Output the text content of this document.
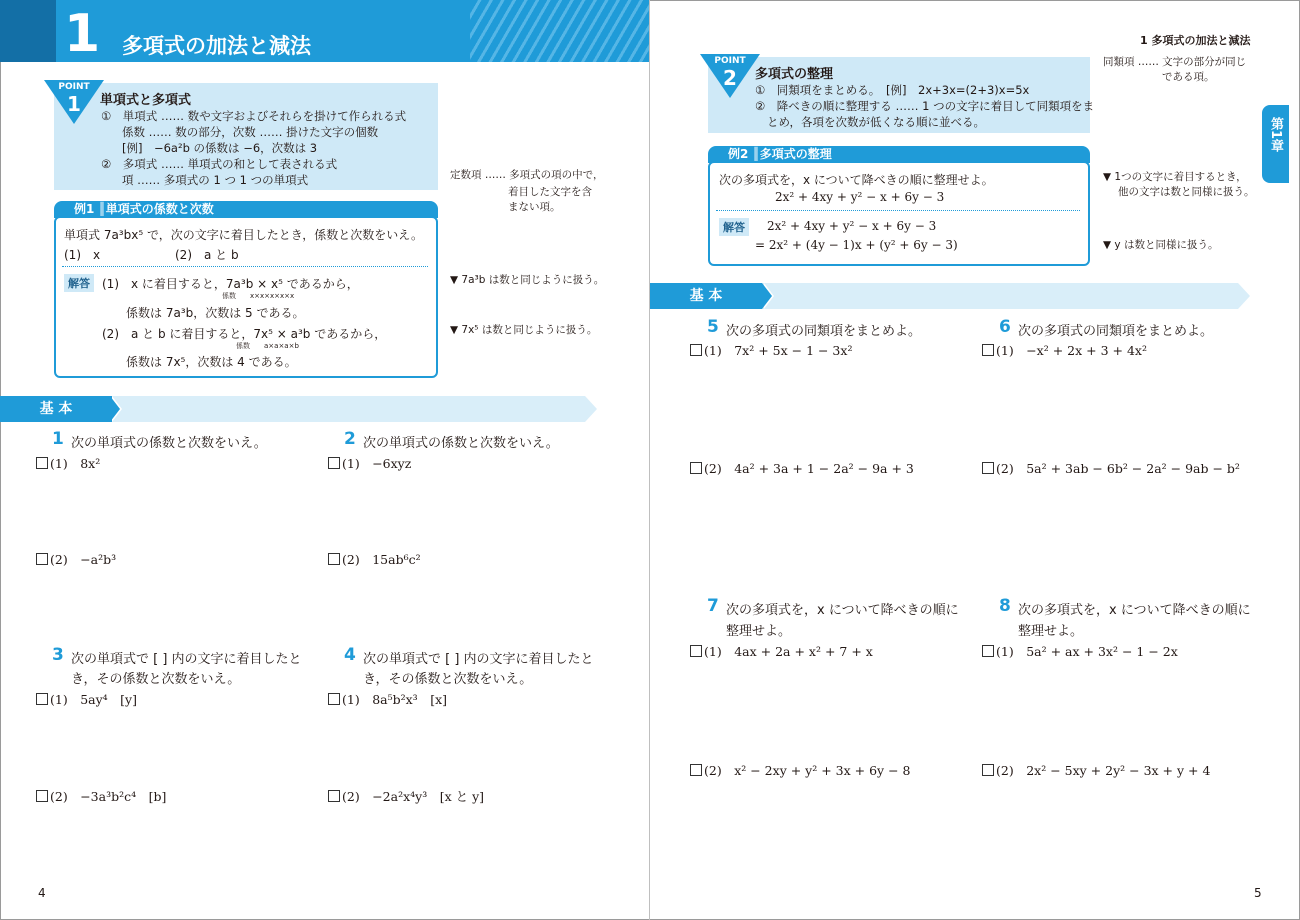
1 多項式の加法と減法
POINT
1	単項式と多項式
①　単項式 …… 数や文字およびそれらを掛けて作られる式
係数 …… 数の部分，次数 …… 掛けた文字の個数
[例]　−6a²b の係数は −6，次数は 3
②　多項式 …… 単項式の和として表される式
項 …… 多項式の 1 つ 1 つの単項式	定数項 …… 多項式の項の中で，
着目した文字を含
まない項。
例1 ║単項式の係数と次数
単項式 7a³bx⁵ で，次の文字に着目したとき，係数と次数をいえ。
(1)　x	(2)　a と b
解答	(1)　x に着目すると，7a³b × x⁵ であるから，
係数　　x×x×x×x×x
係数は 7a³b，次数は 5 である。
(2)　a と b に着目すると，7x⁵ × a³b であるから，
係数　　a×a×a×b
係数は 7x⁵，次数は 4 である。
▼ 7a³b は数と同じように扱う。
▼ 7x⁵ は数と同じように扱う。
基 本
1 次の単項式の係数と次数をいえ。
(1)　8x²
(2)　−a²b³
2 次の単項式の係数と次数をいえ。
(1)　−6xyz
(2)　15ab⁶c²
3 次の単項式で [ ] 内の文字に着目したと
き，その係数と次数をいえ。
(1)　5ay⁴　[y]
(2)　−3a³b²c⁴　[b]
4 次の単項式で [ ] 内の文字に着目したと
き，その係数と次数をいえ。
(1)　8a⁵b²x³　[x]
(2)　−2a²x⁴y³　[x と y]
4
1 多項式の加法と減法
第1章
POINT
2	多項式の整理
①　同類項をまとめる。　[例]　2x+3x=(2+3)x=5x
②　降べきの順に整理する …… 1 つの文字に着目して同類項をま
とめ，各項を次数が低くなる順に並べる。
同類項 …… 文字の部分が同じ
である項。
例2 ║多項式の整理
次の多項式を，x について降べきの順に整理せよ。
2x² + 4xy + y² − x + 6y − 3
解答	2x² + 4xy + y² − x + 6y − 3
= 2x² + (4y − 1)x + (y² + 6y − 3)
▼ 1つの文字に着目するとき，
他の文字は数と同様に扱う。
▼ y は数と同様に扱う。
基 本
5 次の多項式の同類項をまとめよ。
(1)　7x² + 5x − 1 − 3x²
(2)　4a² + 3a + 1 − 2a² − 9a + 3
6 次の多項式の同類項をまとめよ。
(1)　−x² + 2x + 3 + 4x²
(2)　5a² + 3ab − 6b² − 2a² − 9ab − b²
7 次の多項式を，x について降べきの順に
整理せよ。
(1)　4ax + 2a + x² + 7 + x
(2)　x² − 2xy + y² + 3x + 6y − 8
8 次の多項式を，x について降べきの順に
整理せよ。
(1)　5a² + ax + 3x² − 1 − 2x
(2)　2x² − 5xy + 2y² − 3x + y + 4
5
